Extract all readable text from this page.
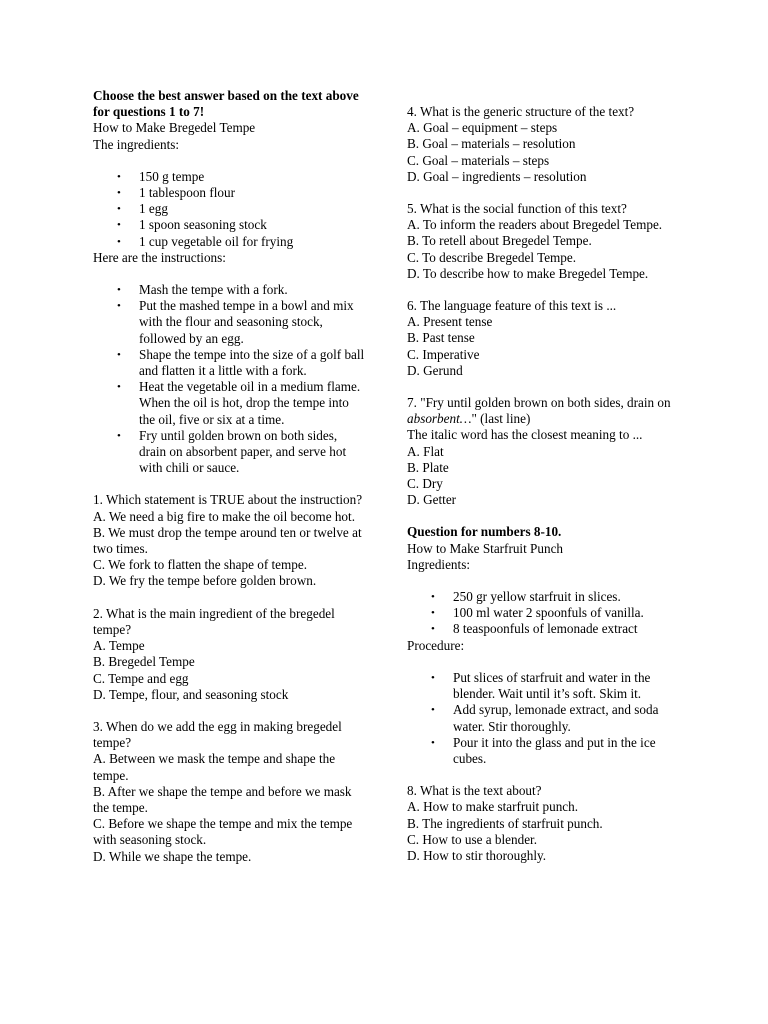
Choose the best answer based on the text above for questions 1 to 7!

How to Make Bregedel Tempe

The ingredients:

• 150 g tempe
• 1 tablespoon flour
• 1 egg
• 1 spoon seasoning stock
• 1 cup vegetable oil for frying

Here are the instructions:

• Mash the tempe with a fork.
• Put the mashed tempe in a bowl and mix with the flour and seasoning stock, followed by an egg.
• Shape the tempe into the size of a golf ball and flatten it a little with a fork.
• Heat the vegetable oil in a medium flame. When the oil is hot, drop the tempe into the oil, five or six at a time.
• Fry until golden brown on both sides, drain on absorbent paper, and serve hot with chili or sauce.

1. Which statement is TRUE about the instruction?

A. We need a big fire to make the oil become hot.

B. We must drop the tempe around ten or twelve at two times.

C. We fork to flatten the shape of tempe.

D. We fry the tempe before golden brown.

2. What is the main ingredient of the bregedel tempe?

A. Tempe

B. Bregedel Tempe

C. Tempe and egg

D. Tempe, flour, and seasoning stock

3. When do we add the egg in making bregedel tempe?

A. Between we mask the tempe and shape the tempe.

B. After we shape the tempe and before we mask the tempe.

C. Before we shape the tempe and mix the tempe with seasoning stock.

D. While we shape the tempe.

4. What is the generic structure of the text?

A. Goal – equipment – steps

B. Goal – materials – resolution

C. Goal – materials – steps

D. Goal – ingredients – resolution

5. What is the social function of this text?

A. To inform the readers about Bregedel Tempe.

B. To retell about Bregedel Tempe.

C. To describe Bregedel Tempe.

D. To describe how to make Bregedel Tempe.

6. The language feature of this text is ...

A. Present tense

B. Past tense

C. Imperative

D. Gerund

7. "Fry until golden brown on both sides, drain on absorbent…" (last line)

The italic word has the closest meaning to ...

A. Flat

B. Plate

C. Dry

D. Getter

Question for numbers 8-10.

How to Make Starfruit Punch

Ingredients:

• 250 gr yellow starfruit in slices.
• 100 ml water 2 spoonfuls of vanilla.
• 8 teaspoonfuls of lemonade extract

Procedure:

• Put slices of starfruit and water in the blender. Wait until it’s soft. Skim it.
• Add syrup, lemonade extract, and soda water. Stir thoroughly.
• Pour it into the glass and put in the ice cubes.

8. What is the text about?

A. How to make starfruit punch.

B. The ingredients of starfruit punch.

C. How to use a blender.

D. How to stir thoroughly.
